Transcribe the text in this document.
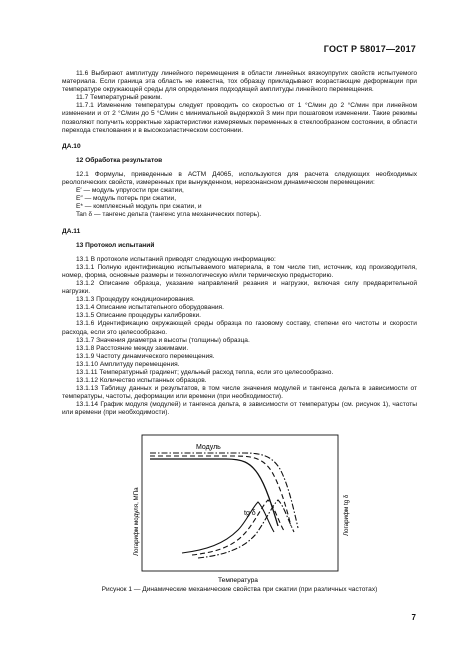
ГОСТ Р 58017—2017

11.6 Выбирают амплитуду линейного перемещения в области линейных вязкоупругих свойств испытуемого материала. Если граница эта область не известна, тох образцу прикладывают возрастающие деформации при температуре окружающей среды для определения подходящей амплитуды линейного перемещения.

11.7 Температурный режим.

11.7.1 Изменение температуры следует проводить со скоростью от 1 °С/мин до 2 °С/мин при линейном изменении и от 2 °С/мин до 5 °С/мин с минимальной выдержкой 3 мин при пошаговом изменении. Такие режимы позволяют получить корректные характеристики измеряемых переменных в стеклообразном состоянии, в области перехода стеклования и в высокоэластическом состоянии.

ДА.10

12 Обработка результатов

12.1 Формулы, приведенные в АСТМ Д4065, используются для расчета следующих необходимых реологических свойств, измеренных при вынужденном, нерезонансном динамическом перемещении:

E′ — модуль упругости при сжатии,

E″ — модуль потерь при сжатии,

E* — комплексный модуль при сжатии, и

Tan δ — тангенс дельта (тангенс угла механических потерь).

ДА.11

13 Протокол испытаний

13.1 В протоколе испытаний приводят следующую информацию:

13.1.1 Полную идентификацию испытываемого материала, в том числе тип, источник, код производителя, номер, форма, основные размеры и технологическую и/или термическую предысторию.

13.1.2 Описание образца, указание направлений резания и нагрузки, включая силу предварительной нагрузки.

13.1.3 Процедуру кондиционирования.

13.1.4 Описание испытательного оборудования.

13.1.5 Описание процедуры калибровки.

13.1.6 Идентификацию окружающей среды образца по газовому составу, степени его чистоты и скорости расхода, если это целесообразно.

13.1.7 Значения диаметра и высоты (толщины) образца.

13.1.8 Расстояние между зажимами.

13.1.9 Частоту динамического перемещения.

13.1.10 Амплитуду перемещения.

13.1.11 Температурный градиент; удельный расход тепла, если это целесообразно.

13.1.12 Количество испытанных образцов.

13.1.13 Таблицу данных и результатов, в том числе значения модулей и тангенса дельта в зависимости от температуры, частоты, деформации или времени (при необходимости).

13.1.14 График модуля (модулей) и тангенса дельта, в зависимости от температуры (см. рисунок 1), частоты или времени (при необходимости).

Модуль
tg δ
Логарифм модуля, МПа	Логарифм tg δ
Температура
Рисунок 1 — Динамические механические свойства при сжатии (при различных частотах)
7
